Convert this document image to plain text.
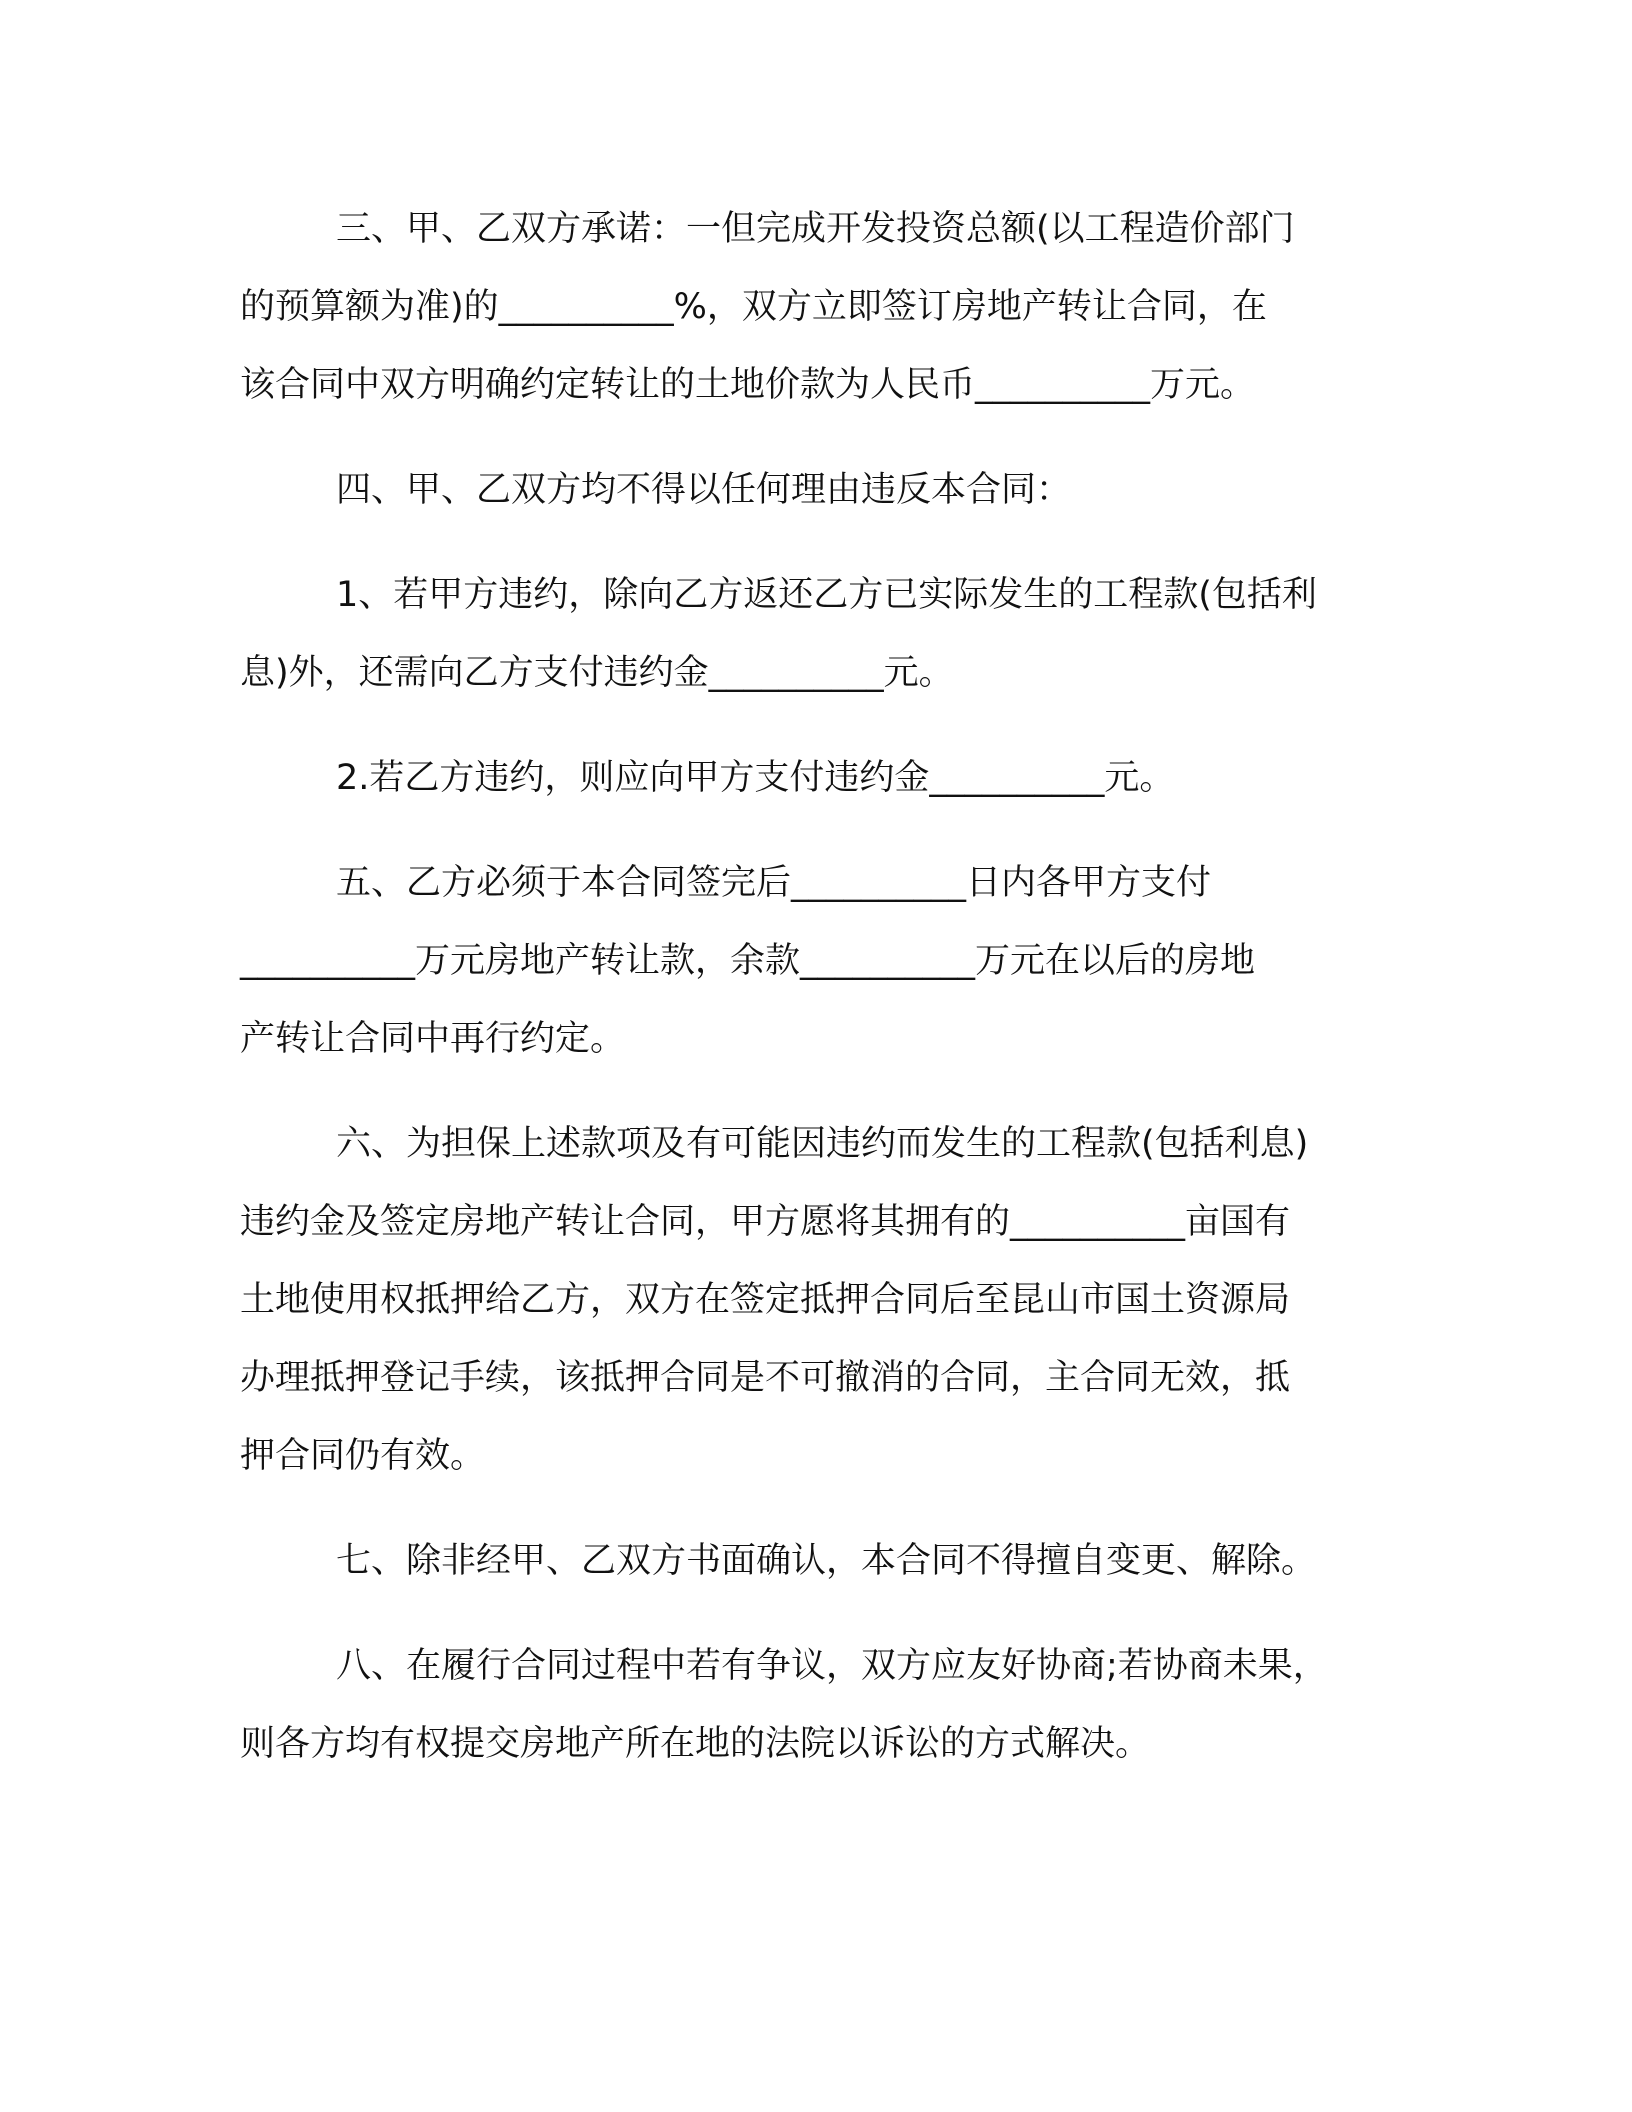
三、甲、乙双方承诺：一但完成开发投资总额(以工程造价部门
的预算额为准)的__________%，双方立即签订房地产转让合同，在
该合同中双方明确约定转让的土地价款为人民币__________万元。
四、甲、乙双方均不得以任何理由违反本合同：
1、若甲方违约，除向乙方返还乙方已实际发生的工程款(包括利
息)外，还需向乙方支付违约金__________元。
2.若乙方违约，则应向甲方支付违约金__________元。
五、乙方必须于本合同签完后__________日内各甲方支付
__________万元房地产转让款，余款__________万元在以后的房地
产转让合同中再行约定。
六、为担保上述款项及有可能因违约而发生的工程款(包括利息)
违约金及签定房地产转让合同，甲方愿将其拥有的__________亩国有
土地使用权抵押给乙方，双方在签定抵押合同后至昆山市国土资源局
办理抵押登记手续，该抵押合同是不可撤消的合同，主合同无效，抵
押合同仍有效。
七、除非经甲、乙双方书面确认，本合同不得擅自变更、解除。
八、在履行合同过程中若有争议，双方应友好协商;若协商未果，
则各方均有权提交房地产所在地的法院以诉讼的方式解决。
